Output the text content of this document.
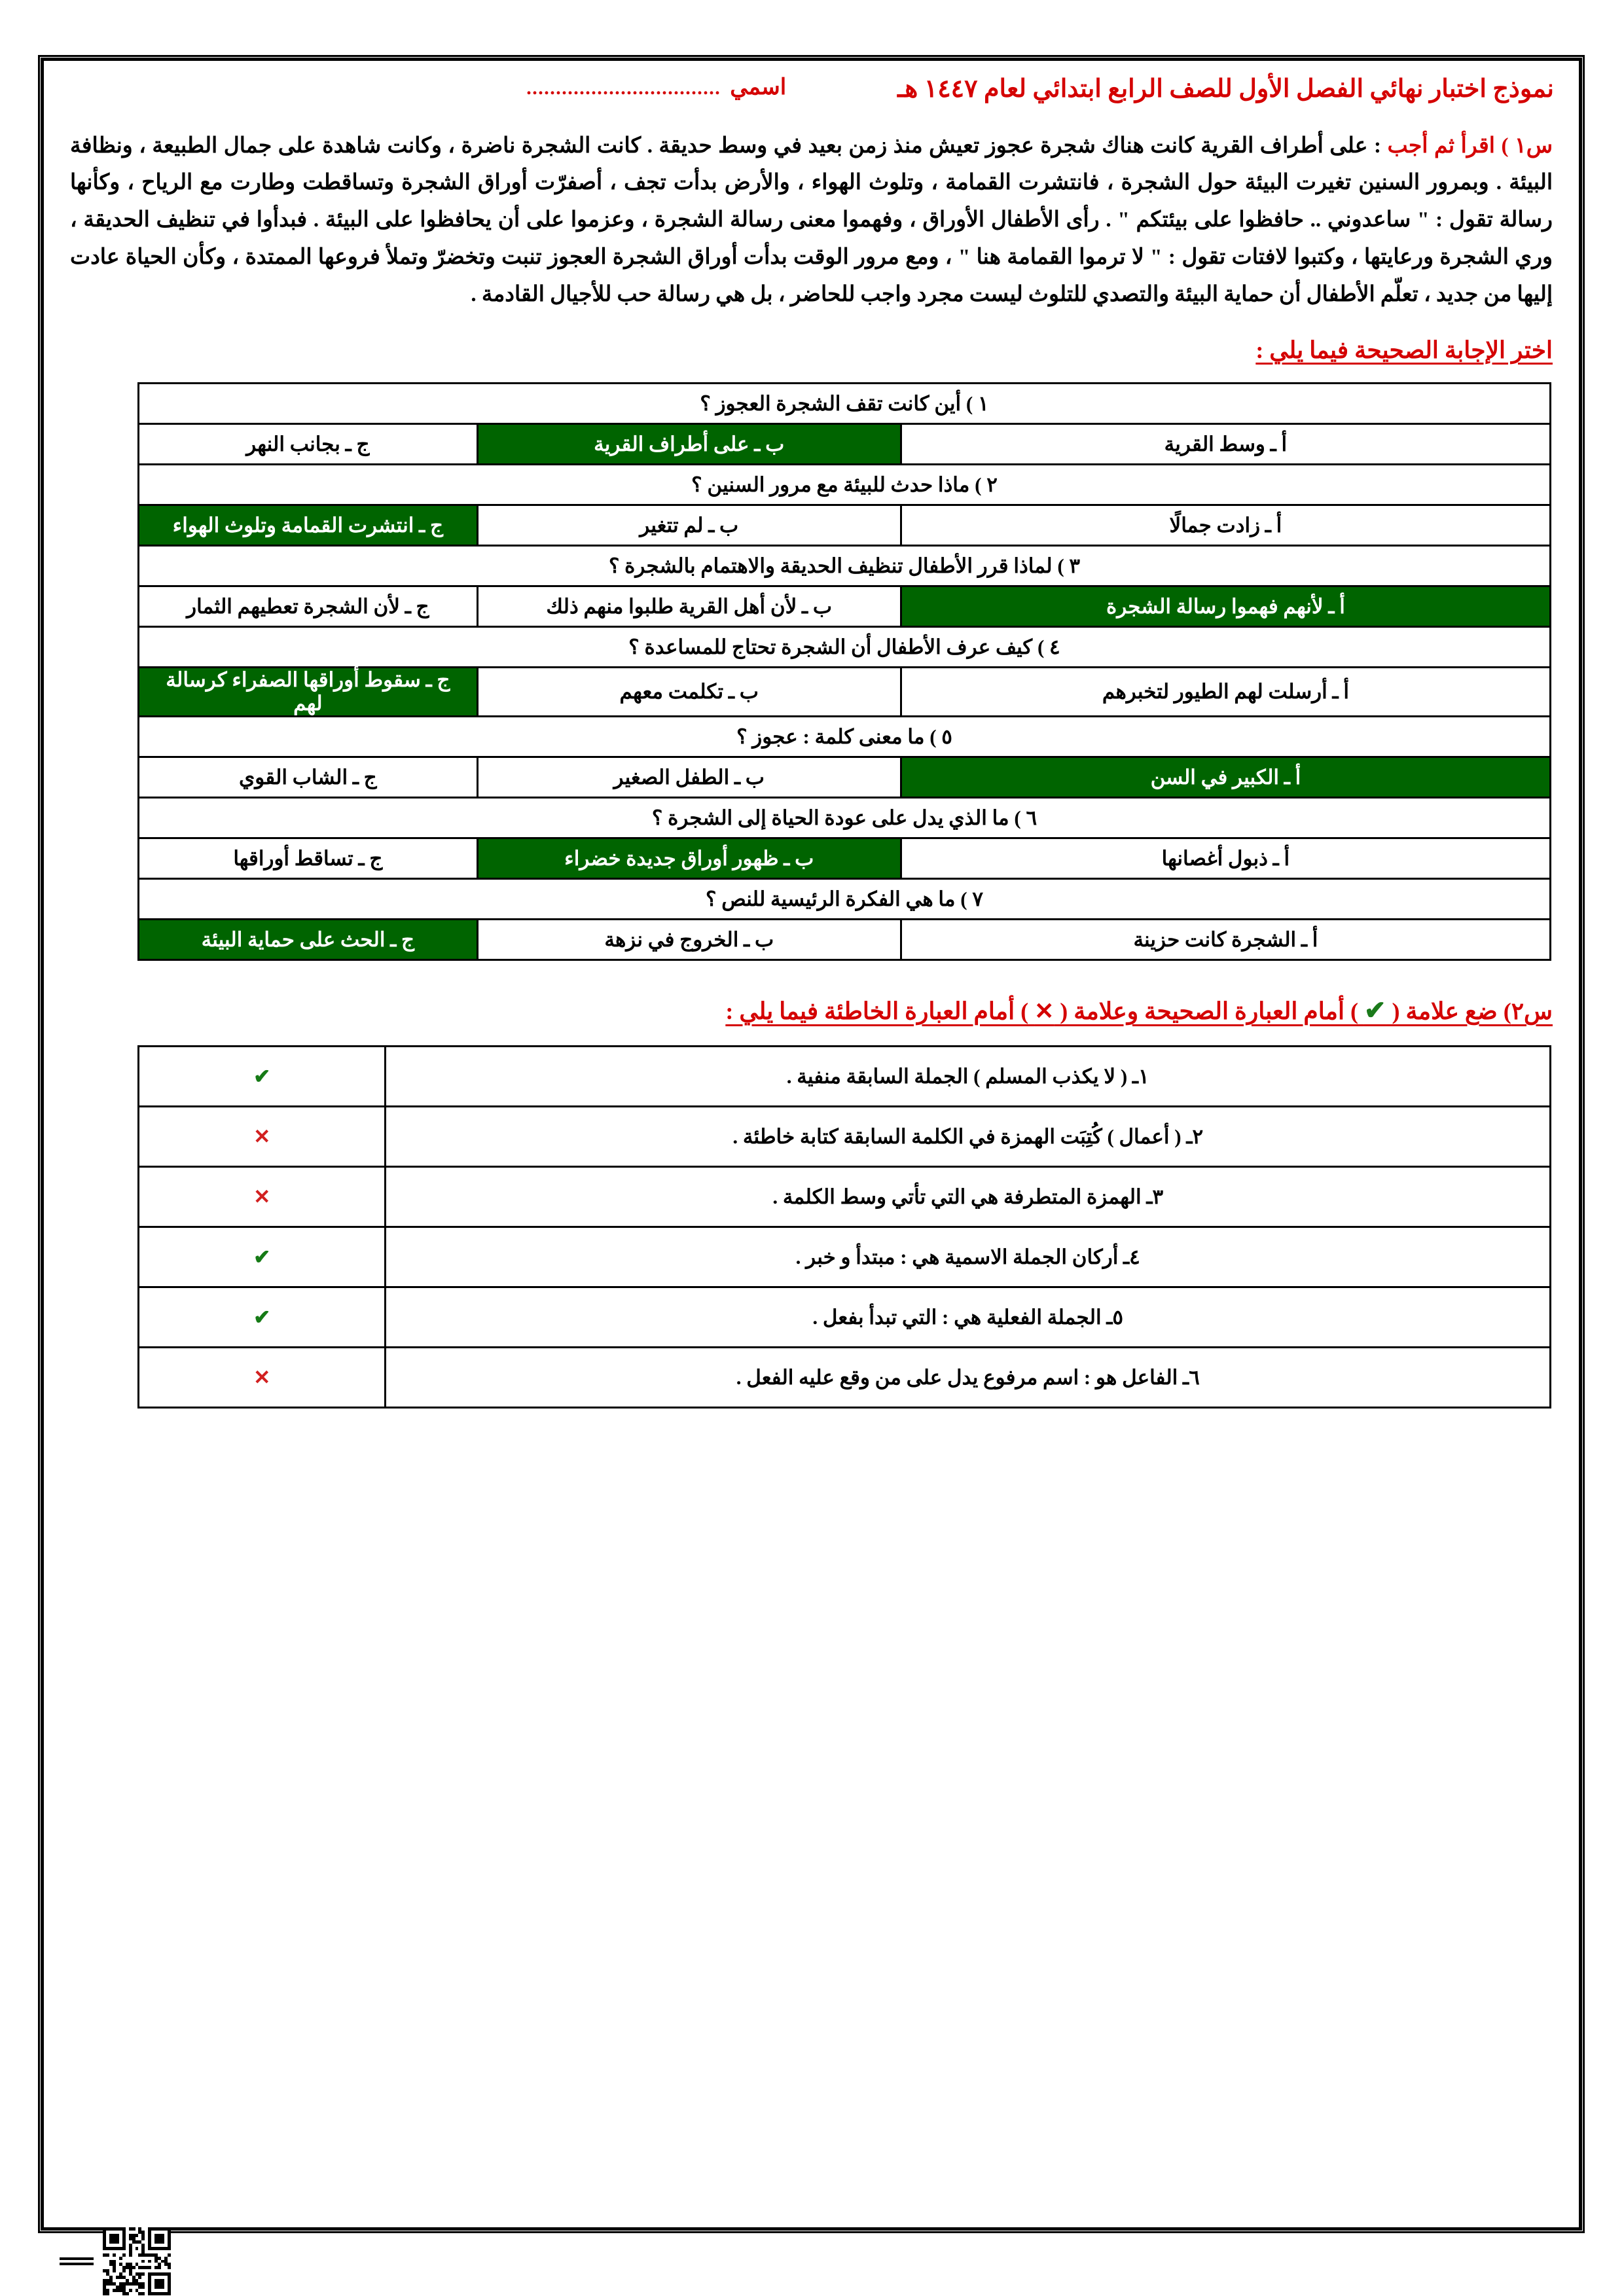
نموذج اختبار نهائي الفصل الأول للصف الرابع ابتدائي لعام ١٤٤٧ هـ
اسمي
.................................
س١ ) اقرأ ثم أجب : على أطراف القرية كانت هناك شجرة عجوز تعيش منذ زمن بعيد في وسط حديقة . كانت الشجرة ناضرة ، وكانت شاهدة على جمال الطبيعة ، ونظافة البيئة . وبمرور السنين تغيرت البيئة حول الشجرة ، فانتشرت القمامة ، وتلوث الهواء ، والأرض بدأت تجف ، أصفرّت أوراق الشجرة وتساقطت وطارت مع الرياح ، وكأنها رسالة تقول : " ساعدوني .. حافظوا على بيئتكم " . رأى الأطفال الأوراق ، وفهموا معنى رسالة الشجرة ، وعزموا على أن يحافظوا على البيئة . فبدأوا في تنظيف الحديقة ، وري الشجرة ورعايتها ، وكتبوا لافتات تقول : " لا ترموا القمامة هنا " ، ومع مرور الوقت بدأت أوراق الشجرة العجوز تنبت وتخضرّ وتملأ فروعها الممتدة ، وكأن الحياة عادت إليها من جديد ، تعلّم الأطفال أن حماية البيئة والتصدي للتلوث ليست مجرد واجب للحاضر ، بل هي رسالة حب للأجيال القادمة .
اختر الإجابة الصحيحة فيما يلي :
١ ) أين كانت تقف الشجرة العجوز ؟		
أ ـ وسط القرية	ب ـ على أطراف القرية	ج ـ بجانب النهر
٢ ) ماذا حدث للبيئة مع مرور السنين ؟		
أ ـ زادت جمالًا	ب ـ لم تتغير	ج ـ انتشرت القمامة وتلوث الهواء
٣ ) لماذا قرر الأطفال تنظيف الحديقة والاهتمام بالشجرة ؟		
أ ـ لأنهم فهموا رسالة الشجرة	ب ـ لأن أهل القرية طلبوا منهم ذلك	ج ـ لأن الشجرة تعطيهم الثمار
٤ ) كيف عرف الأطفال أن الشجرة تحتاج للمساعدة ؟		
أ ـ أرسلت لهم الطيور لتخبرهم	ب ـ تكلمت معهم	ج ـ سقوط أوراقها الصفراء كرسالة لهم
٥ ) ما معنى كلمة : عجوز ؟		
أ ـ الكبير في السن	ب ـ الطفل الصغير	ج ـ الشاب القوي
٦ ) ما الذي يدل على عودة الحياة إلى الشجرة ؟		
أ ـ ذبول أغصانها	ب ـ ظهور أوراق جديدة خضراء	ج ـ تساقط أوراقها
٧ ) ما هي الفكرة الرئيسية للنص ؟		
أ ـ الشجرة كانت حزينة	ب ـ الخروج في نزهة	ج ـ الحث على حماية البيئة
س٢) ضع علامة ( ✔ ) أمام العبارة الصحيحة وعلامة ( ✕ ) أمام العبارة الخاطئة فيما يلي :
١ـ ( لا يكذب المسلم ) الجملة السابقة منفية .	✔
٢ـ ( أعمال ) كُتِبَت الهمزة في الكلمة السابقة كتابة خاطئة .	✕
٣ـ الهمزة المتطرفة هي التي تأتي وسط الكلمة .	✕
٤ـ أركان الجملة الاسمية هي : مبتدأ و خبر .	✔
٥ـ الجملة الفعلية هي : التي تبدأ بفعل .	✔
٦ـ الفاعل هو : اسم مرفوع يدل على من وقع عليه الفعل .	✕
